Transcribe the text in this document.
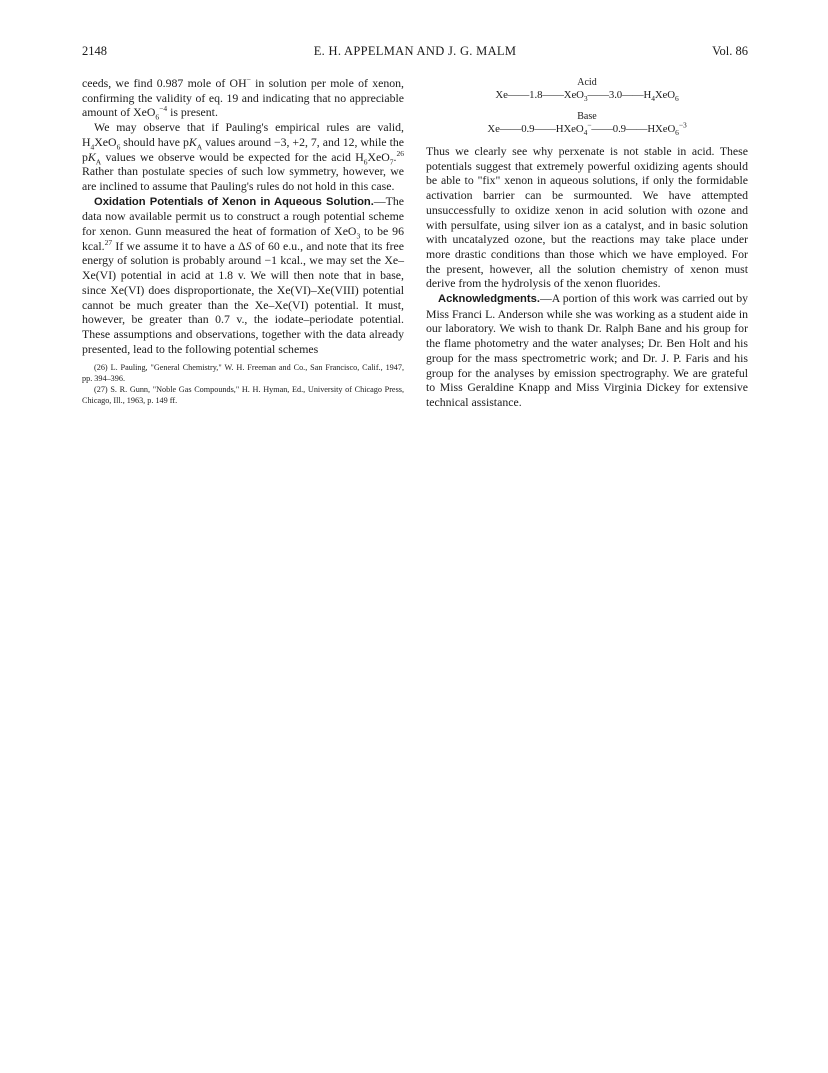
2148	E. H. APPELMAN AND J. G. MALM	Vol. 86

ceeds, we find 0.987 mole of OH− in solution per mole of xenon, confirming the validity of eq. 19 and indicating that no appreciable amount of XeO$_6^{-4}$ is present.

We may observe that if Pauling's empirical rules are valid, $H_4XeO_6$ should have $pK_A$ values around −3, +2, 7, and 12, while the $pK_A$ values we observe would be expected for the acid $H_6XeO_7.^{26}$ Rather than postulate species of such low symmetry, however, we are inclined to assume that Pauling's rules do not hold in this case.

Oxidation Potentials of Xenon in Aqueous Solution.—The data now available permit us to construct a rough potential scheme for xenon. Gunn measured the heat of formation of XeO$_3$ to be 96 kcal.$^{27}$ If we assume it to have a ΔS of 60 e.u., and note that its free energy of solution is probably around −1 kcal., we may set the Xe–Xe(VI) potential in acid at 1.8 v. We will then note that in base, since Xe(VI) does disproportionate, the Xe(VI)–Xe(VIII) potential cannot be much greater than the Xe–Xe(VI) potential. It must, however, be greater than 0.7 v., the iodate–periodate potential. These assumptions and observations, together with the data already presented, lead to the following potential schemes

(26) L. Pauling, "General Chemistry," W. H. Freeman and Co., San Francisco, Calif., 1947, pp. 394–396.

(27) S. R. Gunn, "Noble Gas Compounds," H. H. Hyman, Ed., University of Chicago Press, Chicago, Ill., 1963, p. 149 ff.

Acid
$Xe——1.8——XeO_3——3.0——H_4XeO_6$
Base
Xe——0.9——HXeO$_4$−——0.9——HXeO$_6^{-3}$

Thus we clearly see why perxenate is not stable in acid. These potentials suggest that extremely powerful oxidizing agents should be able to "fix" xenon in aqueous solutions, if only the formidable activation barrier can be surmounted. We have attempted unsuccessfully to oxidize xenon in acid solution with ozone and with persulfate, using silver ion as a catalyst, and in basic solution with uncatalyzed ozone, but the reactions may take place under more drastic conditions than those which we have employed. For the present, however, all the solution chemistry of xenon must derive from the hydrolysis of the xenon fluorides.

Acknowledgments.—A portion of this work was carried out by Miss Franci L. Anderson while she was working as a student aide in our laboratory. We wish to thank Dr. Ralph Bane and his group for the flame photometry and the water analyses; Dr. Ben Holt and his group for the mass spectrometric work; and Dr. J. P. Faris and his group for the analyses by emission spectrography. We are grateful to Miss Geraldine Knapp and Miss Virginia Dickey for extensive technical assistance.
